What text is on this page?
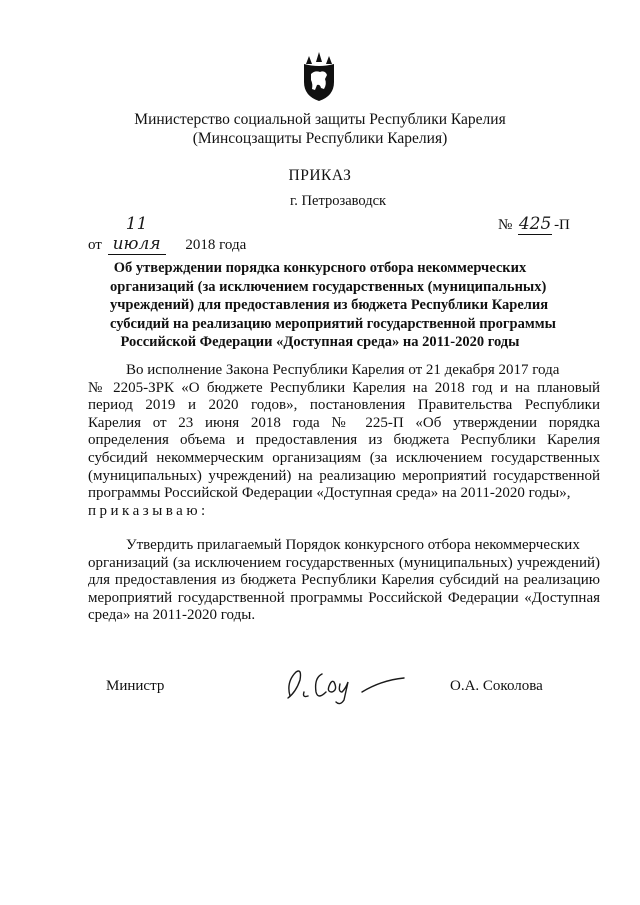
Министерство социальной защиты Республики Карелия
(Минсоцзащиты Республики Карелия)
ПРИКАЗ
г. Петрозаводск
от 11 июля 2018 года
№ 425 -П
Об утверждении порядка конкурсного отбора некоммерческих
организаций (за исключением государственных (муниципальных)
учреждений) для предоставления из бюджета Республики Карелия
субсидий на реализацию мероприятий государственной программы
Российской Федерации «Доступная среда» на 2011-2020 годы
Во исполнение Закона Республики Карелия от 21 декабря 2017 года
№ 2205-ЗРК «О бюджете Республики Карелия на 2018 год и на плановый
период 2019 и 2020 годов», постановления Правительства Республики
Карелия от 23 июня 2018 года № 225-П «Об утверждении порядка
определения объема и предоставления из бюджета Республики Карелия
субсидий некоммерческим организациям (за исключением государственных
(муниципальных) учреждений) на реализацию мероприятий государственной
программы Российской Федерации «Доступная среда» на 2011-2020 годы»,
приказываю:
Утвердить прилагаемый Порядок конкурсного отбора некоммерческих
организаций (за исключением государственных (муниципальных) учреждений)
для предоставления из бюджета Республики Карелия субсидий на реализацию
мероприятий государственной программы Российской Федерации «Доступная
среда» на 2011-2020 годы.
Министр	О.А. Соколова
